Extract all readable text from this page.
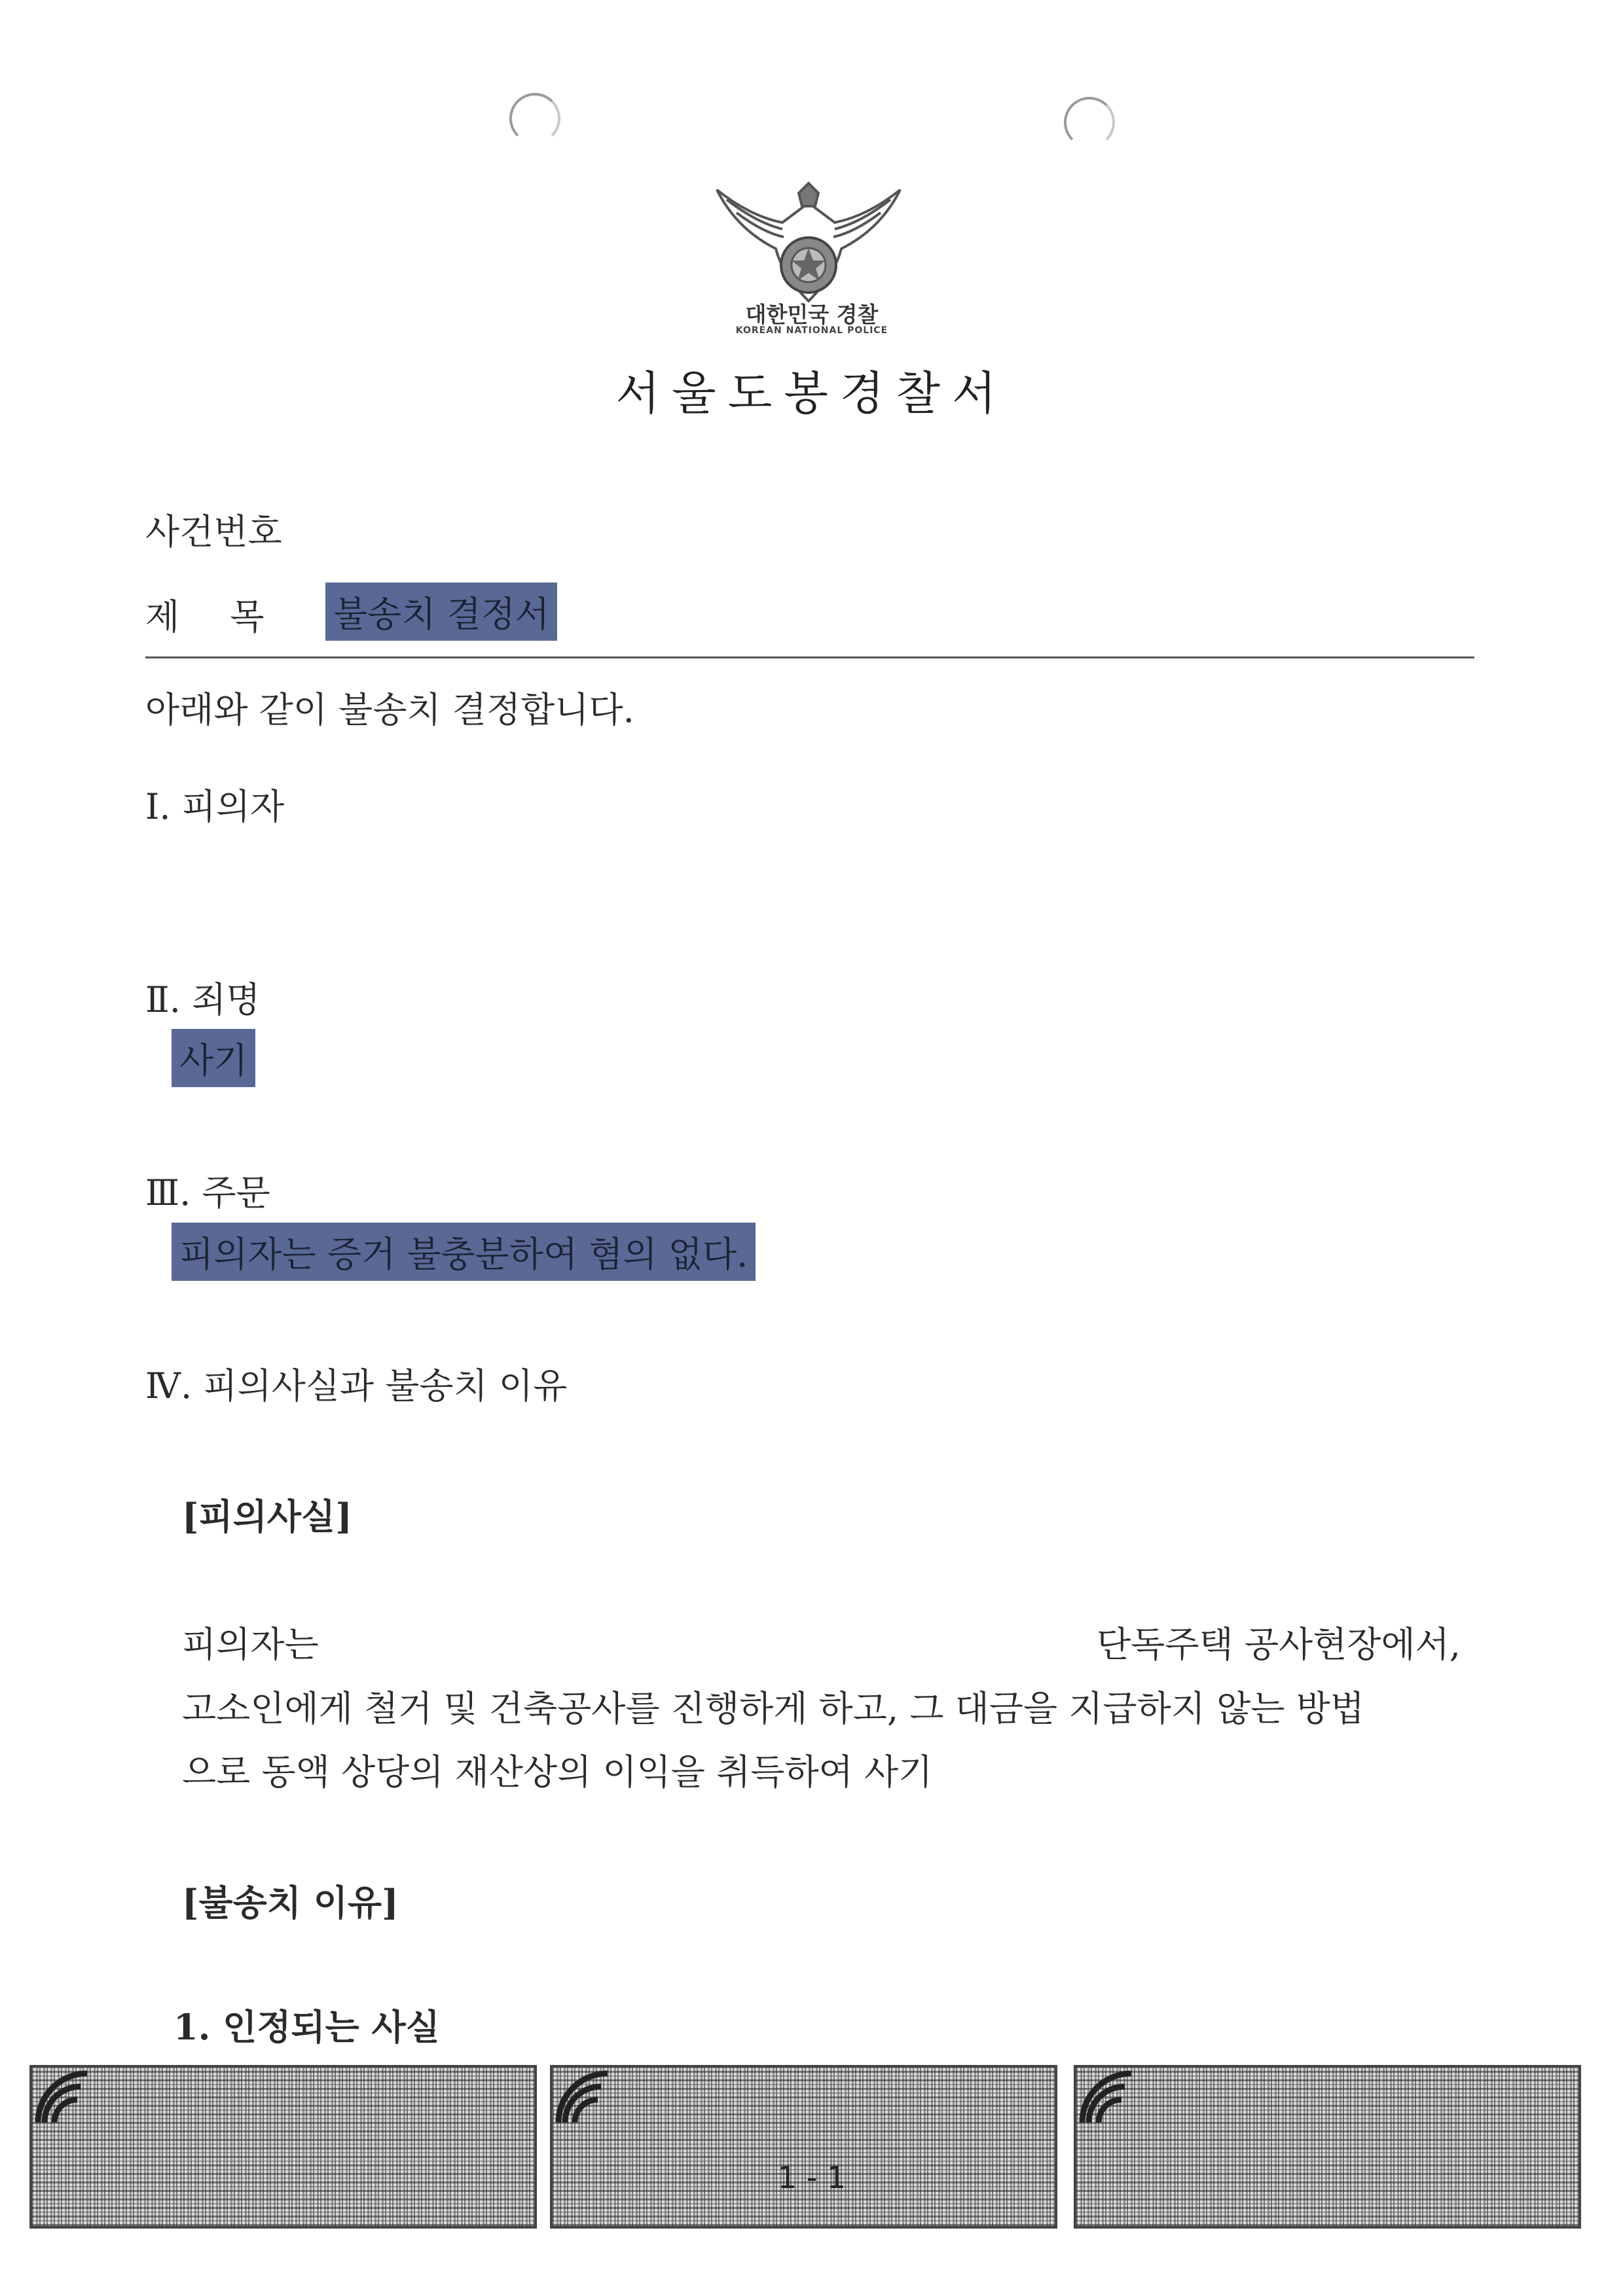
대한민국 경찰
KOREAN NATIONAL POLICE
서울도봉경찰서
사건번호
제 목 불송치 결정서
아래와 같이 불송치 결정합니다.
Ⅰ. 피의자
Ⅱ. 죄명
사기
Ⅲ. 주문
피의자는 증거 불충분하여 혐의 없다.
Ⅳ. 피의사실과 불송치 이유
[피의사실]
피의자는	단독주택 공사현장에서,
고소인에게 철거 및 건축공사를 진행하게 하고, 그 대금을 지급하지 않는 방법
으로 동액 상당의 재산상의 이익을 취득하여 사기
[불송치 이유]
1. 인정되는 사실
1 - 1
